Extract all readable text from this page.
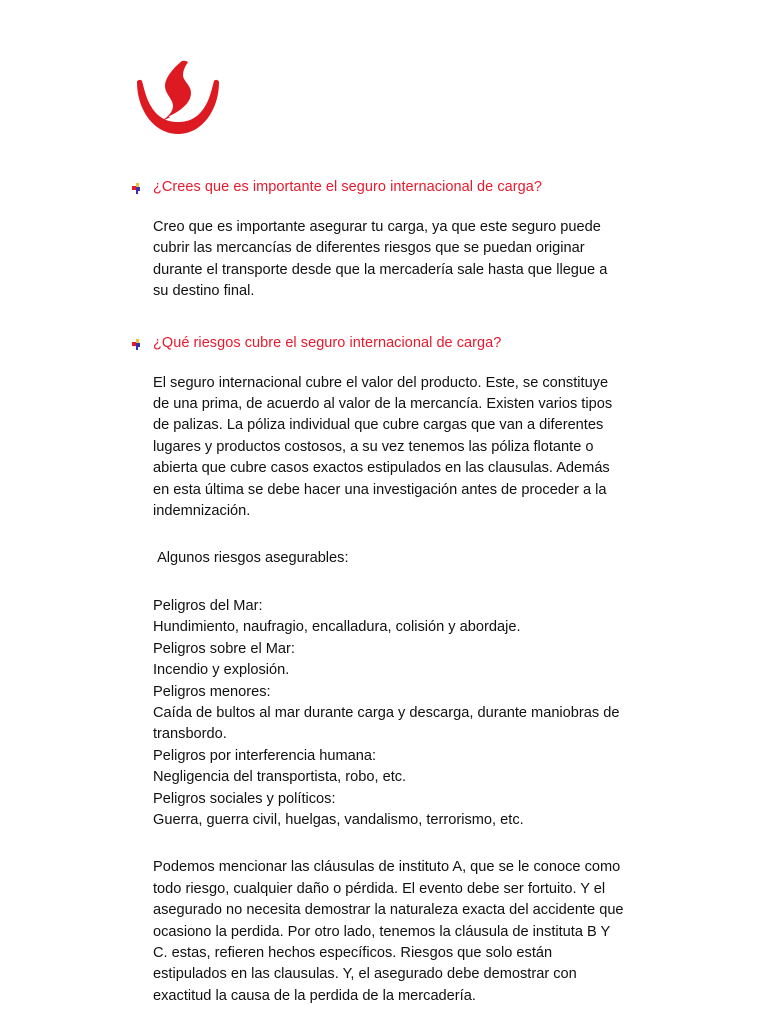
¿Crees que es importante el seguro internacional de carga?

Creo que es importante asegurar tu carga, ya que este seguro puede
cubrir las mercancías de diferentes riesgos que se puedan originar
durante el transporte desde que la mercadería sale hasta que llegue a
su destino final.

¿Qué riesgos cubre el seguro internacional de carga?

El seguro internacional cubre el valor del producto. Este, se constituye
de una prima, de acuerdo al valor de la mercancía. Existen varios tipos
de palizas. La póliza individual que cubre cargas que van a diferentes
lugares y productos costosos, a su vez tenemos las póliza flotante o
abierta que cubre casos exactos estipulados en las clausulas. Además
en esta última se debe hacer una investigación antes de proceder a la
indemnización.

Algunos riesgos asegurables:

Peligros del Mar:
Hundimiento, naufragio, encalladura, colisión y abordaje.
Peligros sobre el Mar:
Incendio y explosión.
Peligros menores:
Caída de bultos al mar durante carga y descarga, durante maniobras de
transbordo.
Peligros por interferencia humana:
Negligencia del transportista, robo, etc.
Peligros sociales y políticos:
Guerra, guerra civil, huelgas, vandalismo, terrorismo, etc.

Podemos mencionar las cláusulas de instituto A, que se le conoce como
todo riesgo, cualquier daño o pérdida. El evento debe ser fortuito. Y el
asegurado no necesita demostrar la naturaleza exacta del accidente que
ocasiono la perdida. Por otro lado, tenemos la cláusula de instituta B Y
C. estas, refieren hechos específicos. Riesgos que solo están
estipulados en las clausulas. Y, el asegurado debe demostrar con
exactitud la causa de la perdida de la mercadería.
